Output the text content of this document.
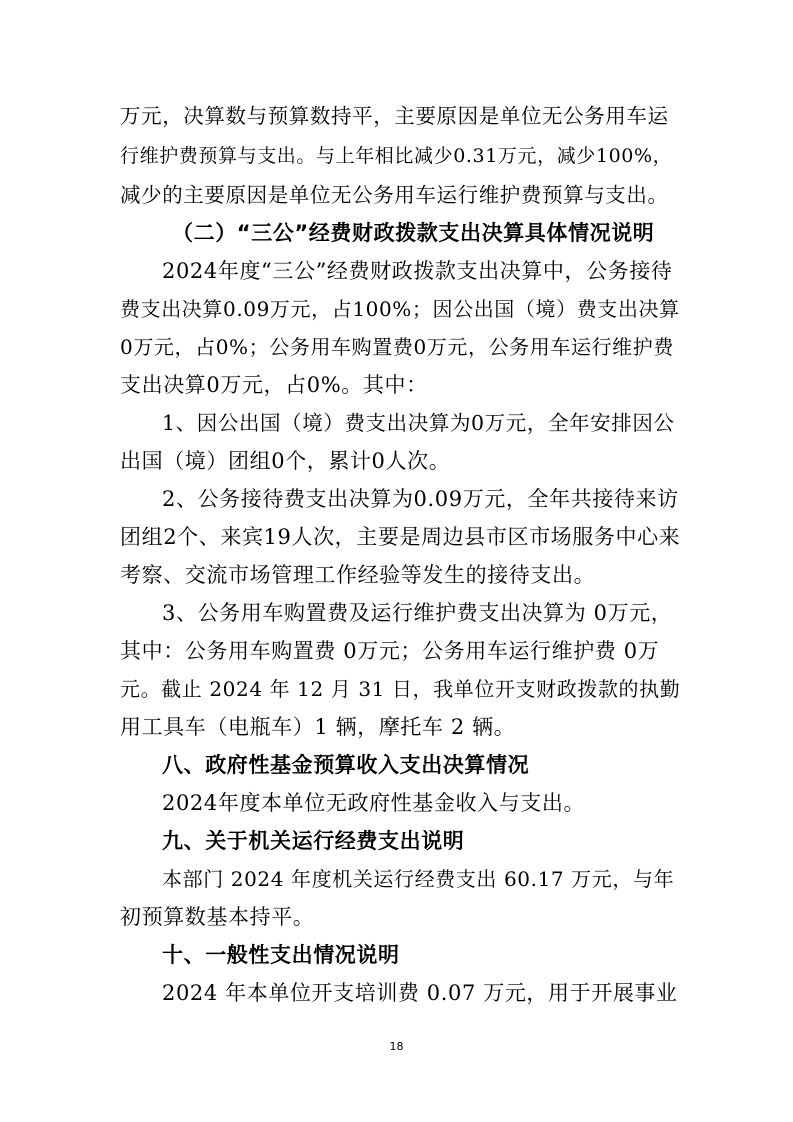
万元，决算数与预算数持平，主要原因是单位无公务用车运
行维护费预算与支出。与上年相比减少0.31万元，减少100%，
减少的主要原因是单位无公务用车运行维护费预算与支出。
（二）“三公”经费财政拨款支出决算具体情况说明
2024年度“三公”经费财政拨款支出决算中，公务接待
费支出决算0.09万元，占100%；因公出国（境）费支出决算
0万元，占0%；公务用车购置费0万元，公务用车运行维护费
支出决算0万元，占0%。其中：
1、因公出国（境）费支出决算为0万元，全年安排因公
出国（境）团组0个，累计0人次。
2、公务接待费支出决算为0.09万元，全年共接待来访
团组2个、来宾19人次，主要是周边县市区市场服务中心来
考察、交流市场管理工作经验等发生的接待支出。
3、公务用车购置费及运行维护费支出决算为 0万元，
其中：公务用车购置费 0万元；公务用车运行维护费 0万
元。截止 2024 年 12 月 31 日，我单位开支财政拨款的执勤
用工具车（电瓶车）1 辆，摩托车 2 辆。
八、政府性基金预算收入支出决算情况
2024年度本单位无政府性基金收入与支出。
九、关于机关运行经费支出说明
本部门 2024 年度机关运行经费支出 60.17 万元，与年
初预算数基本持平。
十、一般性支出情况说明
2024 年本单位开支培训费 0.07 万元，用于开展事业
18
